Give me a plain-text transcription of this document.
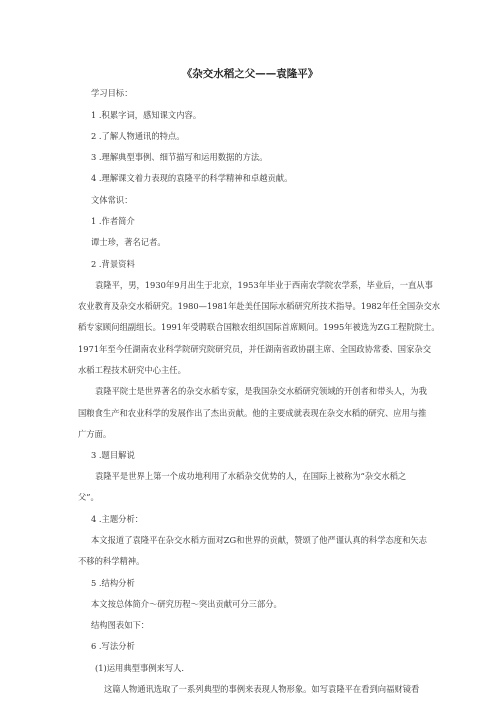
《杂交水稻之父——袁隆平》
学习目标：
1 .积累字词，感知课文内容。
2 .了解人物通讯的特点。
3 .理解典型事例、细节描写和运用数据的方法。
4 .理解课文着力表现的袁隆平的科学精神和卓越贡献。
文体常识：
1 .作者简介
谭士珍，著名记者。
2 .背景资料
袁隆平，男，1930年9月出生于北京，1953年毕业于西南农学院农学系，毕业后，一直从事
农业教育及杂交水稻研究。1980—1981年赴美任国际水稻研究所技术指导。1982年任全国杂交水
稻专家顾问组副组长。1991年受聘联合国粮农组织国际首席顾问。1995年被选为ZG工程院院士。
1971年至今任湖南农业科学院研究院研究员，并任湖南省政协副主席、全国政协常委、国家杂交
水稻工程技术研究中心主任。
袁隆平院士是世界著名的杂交水稻专家，是我国杂交水稻研究领域的开创者和带头人，为我
国粮食生产和农业科学的发展作出了杰出贡献。他的主要成就表现在杂交水稻的研究、应用与推
广方面。
3 .题目解说
袁隆平是世界上第一个成功地利用了水稻杂交优势的人，在国际上被称为“杂交水稻之
父”。
4 .主题分析：
本文报道了袁隆平在杂交水稻方面对ZG和世界的贡献，赞颂了他严谨认真的科学态度和矢志
不移的科学精神。
5 .结构分析
本文按总体简介～研究历程～突出贡献可分三部分。
结构图表如下：
6 .写法分析
(1)运用典型事例来写人.
这篇人物通讯选取了一系列典型的事例来表现人物形象。如写袁隆平在看到向福财镜看
